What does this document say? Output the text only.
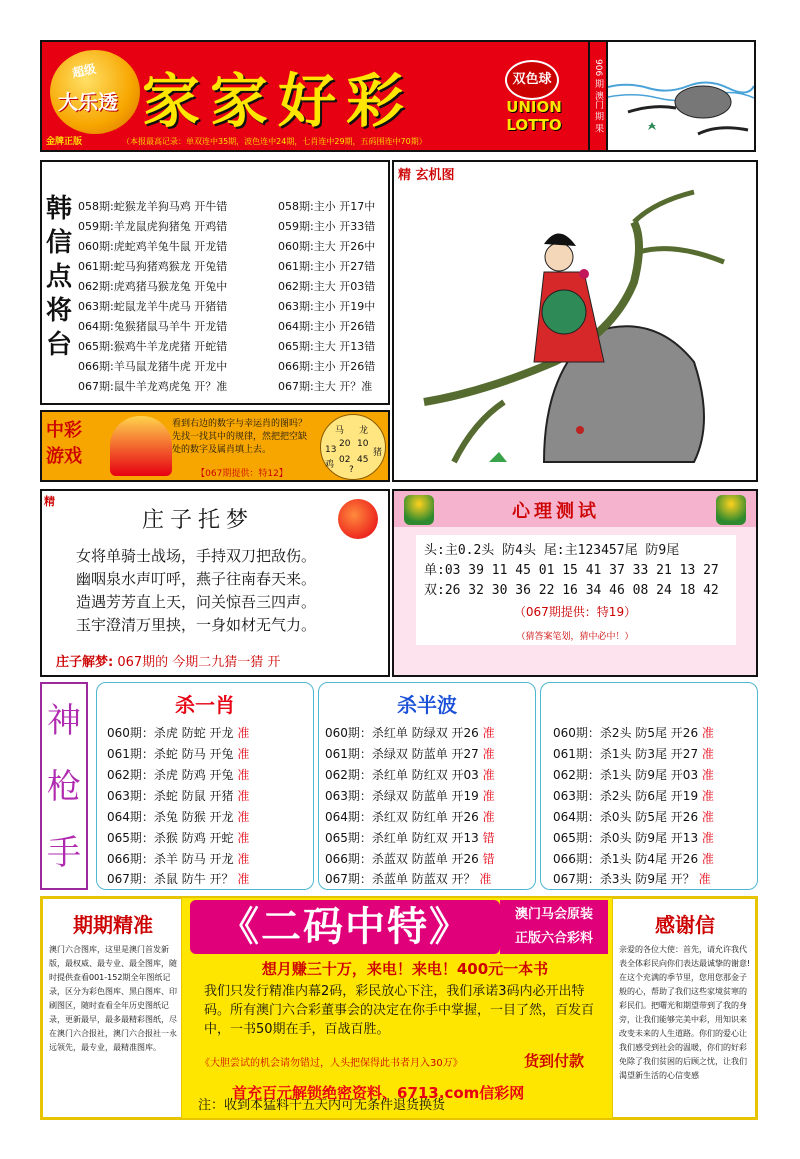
超级
大乐透 家家好彩	双色球
UNION LOTTO
金牌正版	（本报最高记录：单双连中35期，波色连中24期，七肖连中29期，五码围连中70期）
906 期 澳门 期 果
韩信点将台
058期:蛇猴龙羊狗马鸡 开牛错	058期:主小 开17中
059期:羊龙鼠虎狗猪兔 开鸡错	059期:主小 开33错
060期:虎蛇鸡羊兔牛鼠 开龙错	060期:主大 开26中
061期:蛇马狗猪鸡猴龙 开兔错	061期:主小 开27错
062期:虎鸡猪马猴龙兔 开兔中	062期:主大 开03错
063期:蛇鼠龙羊牛虎马 开猪错	063期:主小 开19中
064期:兔猴猪鼠马羊牛 开龙错	064期:主小 开26错
065期:猴鸡牛羊龙虎猪 开蛇错	065期:主大 开13错
066期:羊马鼠龙猪牛虎 开龙中	066期:主小 开26错
067期:鼠牛羊龙鸡虎兔 开？准	067期:主大 开？准
精 玄机图
中彩
游戏
看到右边的数字与幸运肖的图吗？先找一找其中的规律，然把把空缺处的数字及属肖填上去。
【067期提供：特12】
马 龙
20 10
13	猪
02
鸡	45
?
精
庄子托梦
女将单骑士战场，手持双刀把敌伤。
幽咽泉水声叮呼，燕子往南春天来。
造遇芳芳直上天，问关惊吾三四声。
玉宇澄清万里挟，一身如材无气力。
庄子解梦: 067期的 今期二九猜一猜 开
心理测试
头:主0.2头 防4头 尾:主123457尾 防9尾
单:03 39 11 45 01 15 41 37 33 21 13 27
双:26 32 30 36 22 16 34 46 08 24 18 42
（067期提供：特19）
（猜答案笔划，猜中必中！）
神
枪
手
杀一肖
060期：杀虎 防蛇 开龙 准
061期：杀蛇 防马 开兔 准
062期：杀虎 防鸡 开兔 准
063期：杀蛇 防鼠 开猪 准
064期：杀兔 防猴 开龙 准
065期：杀猴 防鸡 开蛇 准
066期：杀羊 防马 开龙 准
067期：杀鼠 防牛 开？ 准
杀半波
060期：杀红单 防绿双 开26 准
061期：杀绿双 防蓝单 开27 准
062期：杀红单 防红双 开03 准
063期：杀绿双 防蓝单 开19 准
064期：杀红双 防红单 开26 准
065期：杀红单 防红双 开13 错
066期：杀蓝双 防蓝单 开26 错
067期：杀蓝单 防蓝双 开？ 准
060期：杀2头 防5尾 开26 准
061期：杀1头 防3尾 开27 准
062期：杀1头 防9尾 开03 准
063期：杀2头 防6尾 开19 准
064期：杀0头 防5尾 开26 准
065期：杀0头 防9尾 开13 准
066期：杀1头 防4尾 开26 准
067期：杀3头 防9尾 开？ 准
期期精准
澳门六合图库，这里是澳门首发新版，最权威、最专业、最全图库，随时提供查看001-152期全年图纸记录，区分为彩色图库、黑白图库、印刷图区，随时查看全年历史图纸记录，更新最早，最多最精彩图纸，尽在澳门六合报社，澳门六合报社一永远领先，最专业，最精准图库。
《二码中特》	澳门马会原装
正版六合彩料
想月赚三十万，来电！来电！400元一本书
我们只发行精准内幕2码，彩民放心下注，我们承诺3码内必开出特码。所有澳门六合彩董事会的决定在你手中掌握，一目了然，百发百中，一书50期在手，百战百胜。
《大胆尝试的机会请勿错过，人头把保得此书者月入30万》	货到付款
注：收到本猛料千五天内可无条件退货换货
感谢信
亲爱的各位大使：首先，请允许我代表全体彩民向你们表达最诚挚的谢意!在这个充满的季节里，您用您那金子般的心，帮助了我们这些家境贫寒的彩民们。把曙光和期望带到了我的身旁，让我们能够完美中彩，用知识来改变未来的人生道路。你们的爱心让我们感受到社会的温暖，你们的好彩免除了我们贫困的后顾之忧，让我们渴望新生活的心信变感
首充百元解锁绝密资料、6713.com信彩网
